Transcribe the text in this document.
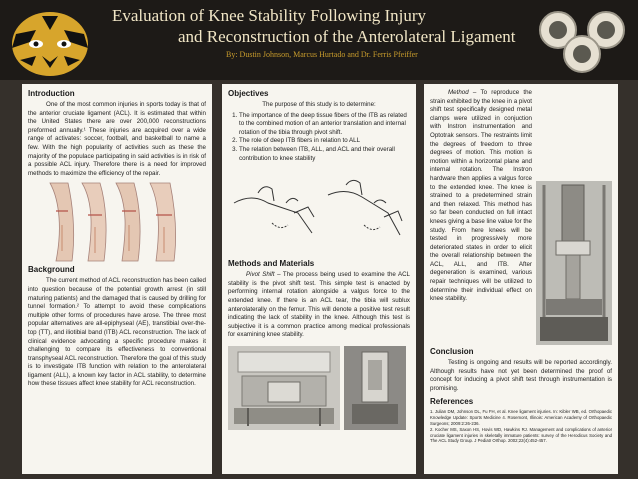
Evaluation of Knee Stability Following Injury
and Reconstruction of the Anterolateral Ligament
By: Dustin Johnson, Marcus Hurtado and Dr. Ferris Pfeiffer
Introduction

One of the most common injuries in sports today is that of the anterior cruciate ligament (ACL). It is estimated that within the United States there are over 200,000 reconstructions preformed annually.¹ These injuries are acquired over a wide range of activates: soccer, football, and basketball to name a few. With the high popularity of activities such as these the majority of the populace participating in said activities is in risk of a possible ACL injury. Therefore there is a need for improved methods to maximize the efficiency of the repair.

Background

The current method of ACL reconstruction has been called into question because of the potential growth arrest (in still maturing patients) and the damaged that is caused by drilling for tunnel formation.² To attempt to avoid these complications multiple other forms of procedures have arose. The three most popular alternatives are all-epiphyseal (AE), transtibial over-the-top (TT), and iliotibial band (ITB) ACL reconstruction. The lack of clinical evidence advocating a specific procedure makes it challenging to compare its effectiveness to conventional transphyseal ACL reconstruction. Therefore the goal of this study is to investigate ITB function with relation to the anterolateral ligament (ALL), a known key factor in ACL stability, to determine how these tissues affect knee stability for ACL reconstruction.

Objectives

The purpose of this study is to determine:

1. The importance of the deep tissue fibers of the ITB as related to the combined motion of an anterior translation and internal rotation of the tibia through pivot shift.
2. The role of deep ITB fibers in relation to ALL
3. The relation between ITB, ALL, and ACL and their overall contribution to knee stability
Methods and Materials

Pivot Shift – The process being used to examine the ACL stability is the pivot shift test. This simple test is enacted by performing internal rotation alongside a valgus force to the extended knee. If there is an ACL tear, the tibia will sublux anterolaterally on the femur. This will denote a positive test result indicating the lack of stability in the knee. Although this test is subjective it is a common practice among medical professionals for examining knee stability.

Method – To reproduce the strain exhibited by the knee in a pivot shift test specifically designed metal clamps were utilized in conjuction with Instron instrumentation and Optotrak sensors. The restraints limit the degrees of freedom to three degrees of motion. This motion is motion within a horizontal plane and internal rotation. The Instron hardware then applies a valgus force to the extended knee. The knee is strained to a predetermined strain and then relaxed. This method has so far been conducted on full intact knees giving a base line value for the study. From here knees will be tested in progressively more deteriorated states in order to elicit the overall relationship between the ACL, ALL, and ITB. After degeneration is examined, various repair techniques will be utilized to determine their individual effect on knee stability.

Conclusion

Testing is ongoing and results will be reported accordingly. Although results have not yet been determined the proof of concept for inducing a pivot shift test through instrumentation is promising.

References

1. Julian DM, Johnson DL, Fu FH, et al. Knee ligament injuries. In: Kibler WB, ed. Orthopaedic Knowledge Update: Sports Medicine 4. Rosemont, Illinois: American Academy of Orthopaedic Surgeons; 2009:2:26-236.

2. Kocher MS, Saxon HS, Hovis WD, Hawkins RJ. Management and complications of anterior cruciate ligament injuries in skeletally immature patients: survey of the Herodicus Society and The ACL Study Group. J Pediatr Orthop. 2002;22(4):452-457.
